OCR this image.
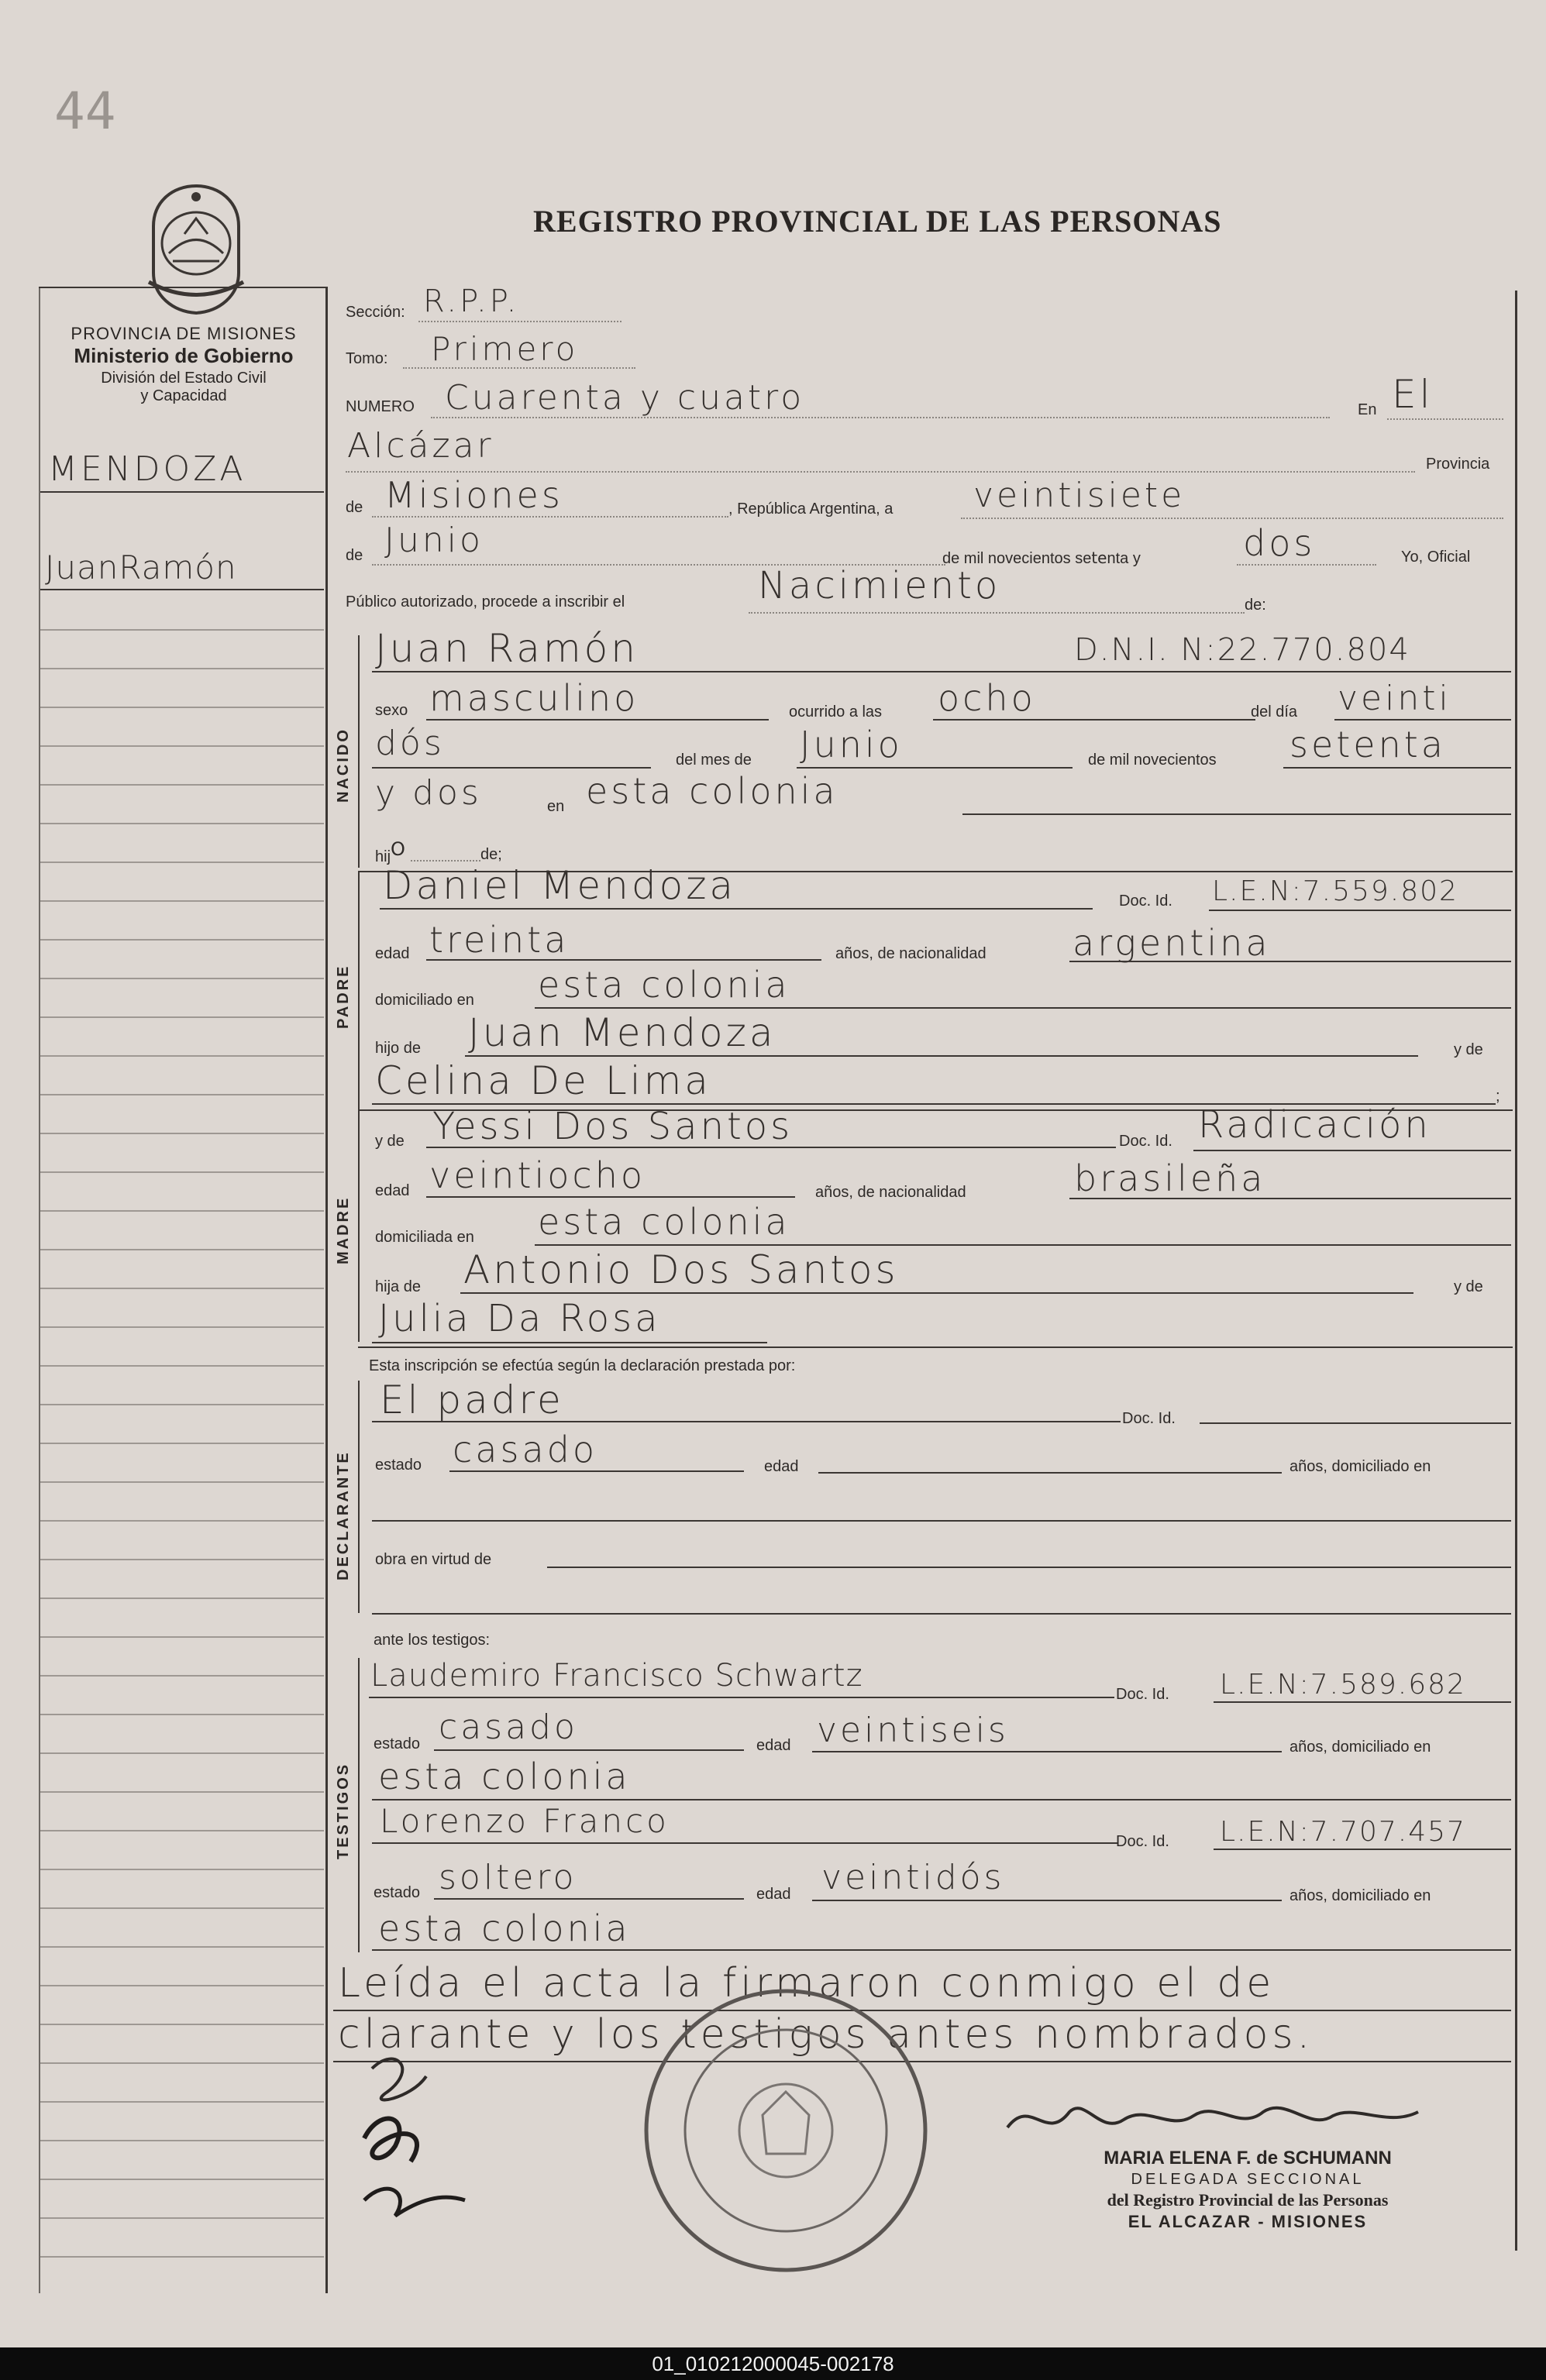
44
REGISTRO PROVINCIAL DE LAS PERSONAS
PROVINCIA DE MISIONES
Ministerio de Gobierno
División del Estado Civil
y Capacidad
MENDOZA
JuanRamón
Sección: R.P.P.
Tomo: Primero
NUMERO Cuarenta y cuatro	En El
Alcázar	Provincia
de Misiones	, República Argentina, a veintisiete
de Junio	de mil novecientos setenta y	dos	Yo, Oficial
Público autorizado, procede a inscribir el	Nacimiento	de:
NACIDO
Juan Ramón	D.N.I. N:22.770.804
sexo masculino	ocurrido a las ocho	del día veinti
dós	del mes de Junio	de mil novecientos setenta
y dos	en esta colonia
hijO	de;
PADRE
Daniel Mendoza	Doc. Id. L.E.N:7.559.802
edad treinta	años, de nacionalidad argentina
domiciliado en esta colonia
hijo de Juan Mendoza	y de
Celina De Lima	;
MADRE
y de Yessi Dos Santos	Doc. Id. Radicación
edad veintiocho	años, de nacionalidad	brasileña
domiciliada en esta colonia
hija de Antonio Dos Santos	y de
Julia Da Rosa
Esta inscripción se efectúa según la declaración prestada por:
DECLARANTE
El padre	Doc. Id.
estado casado	edad	años, domiciliado en
obra en virtud de
ante los testigos:
TESTIGOS
Laudemiro Francisco Schwartz
Doc. Id. L.E.N:7.589.682
estado casado	edad veintiseis	años, domiciliado en
esta colonia
Lorenzo Franco
Doc. Id. L.E.N:7.707.457
estado soltero	edad veintidós	años, domiciliado en
esta colonia
Leída el acta la firmaron conmigo el de
clarante y los testigos antes nombrados.
MARIA ELENA F. de SCHUMANN
DELEGADA SECCIONAL
del Registro Provincial de las Personas
EL ALCAZAR - MISIONES
01_010212000045-002178
